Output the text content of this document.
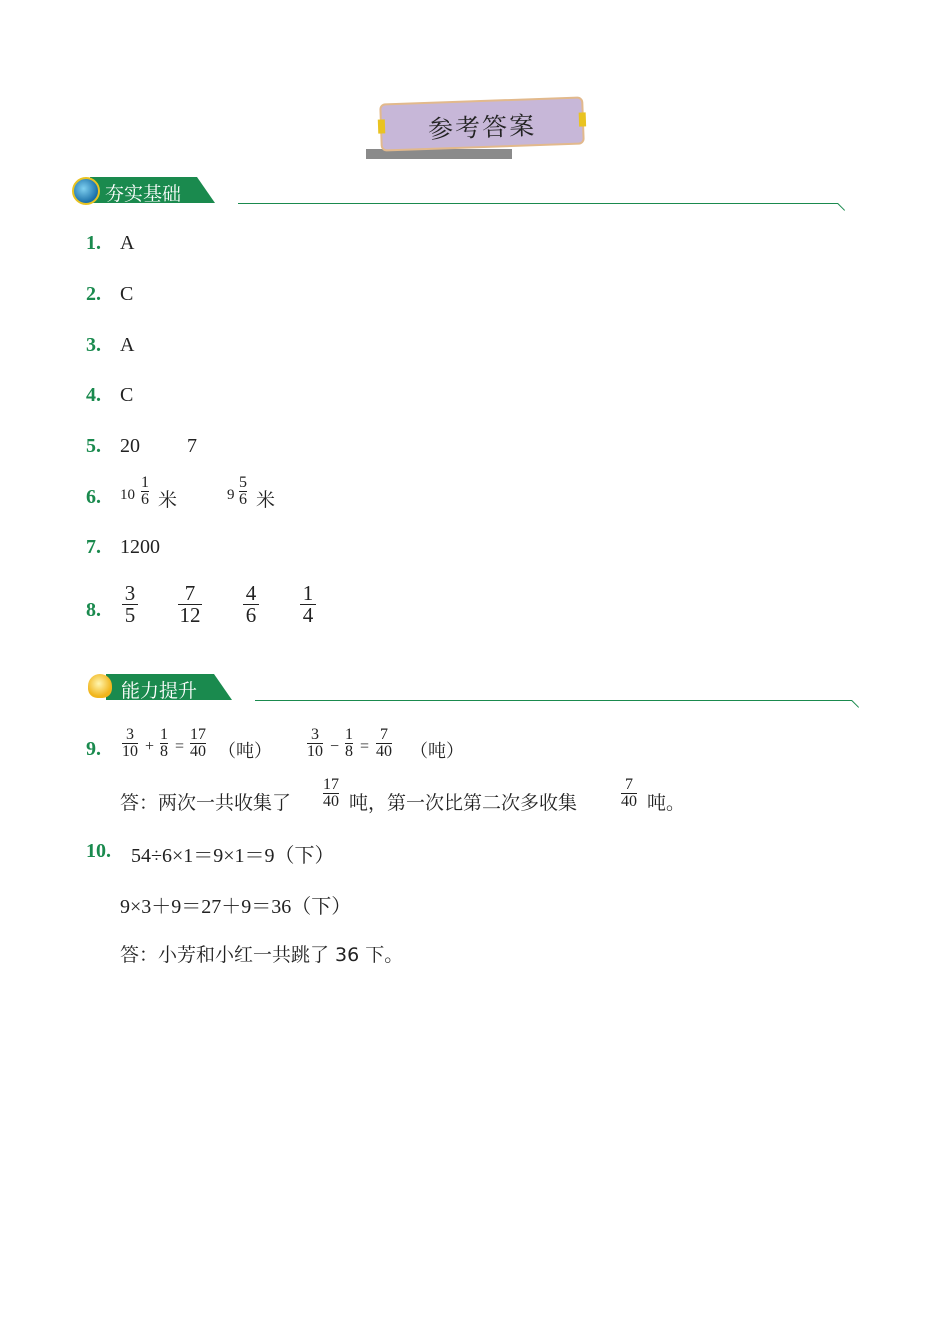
参考答案
夯实基础
1. A
2. C
3. A
4. C
5. 20 7
6. 10
1
6 米	9
5
6 米
7. 1200
8.
3
5
7
12
4
6
1
4
能力提升
9.
3
10 +
1
8 =
17
40 （吨）
3
10 −
1
8 =
7
40 （吨）
答：两次一共收集了
17
40 吨，第一次比第二次多收集
7
40 吨。
10. 54÷6×1＝9×1＝9（下）
9×3＋9＝27＋9＝36（下）
答：小芳和小红一共跳了 36 下。
